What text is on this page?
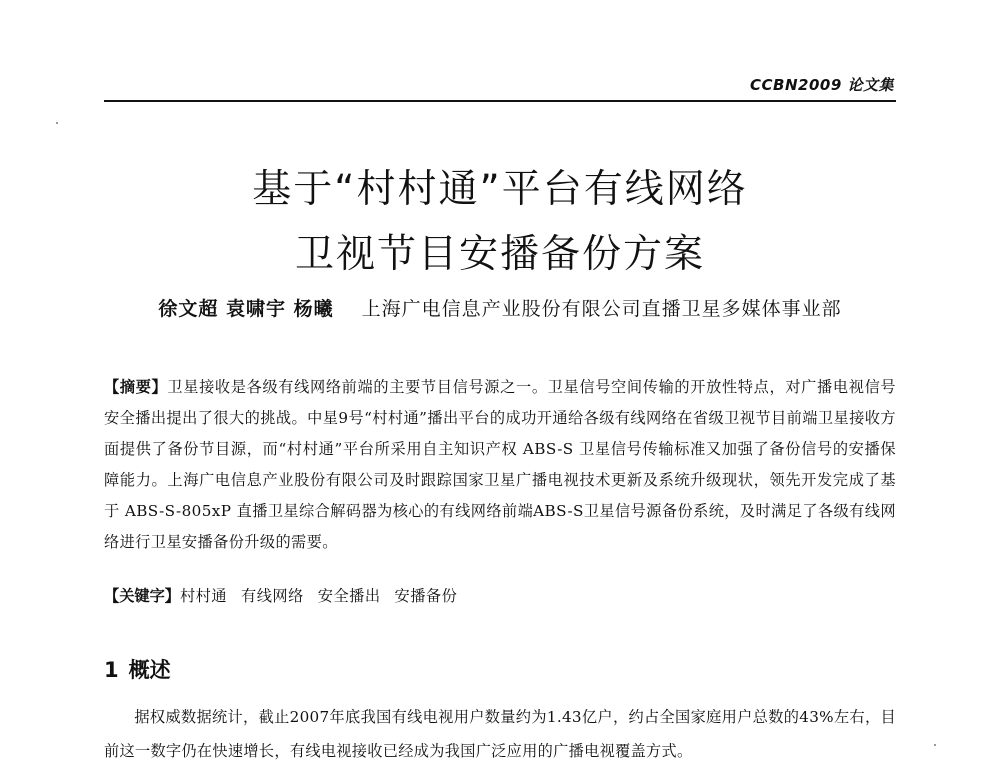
CCBN2009 论文集
基于“村村通”平台有线网络
卫视节目安播备份方案
徐文超 袁啸宇 杨曦 上海广电信息产业股份有限公司直播卫星多媒体事业部
【摘要】卫星接收是各级有线网络前端的主要节目信号源之一。卫星信号空间传输的开放性特点，对广播电视信号安全播出提出了很大的挑战。中星9号“村村通”播出平台的成功开通给各级有线网络在省级卫视节目前端卫星接收方面提供了备份节目源，而“村村通”平台所采用自主知识产权 ABS-S 卫星信号传输标准又加强了备份信号的安播保障能力。上海广电信息产业股份有限公司及时跟踪国家卫星广播电视技术更新及系统升级现状，领先开发完成了基于 ABS-S-805xP 直播卫星综合解码器为核心的有线网络前端ABS-S卫星信号源备份系统，及时满足了各级有线网络进行卫星安播备份升级的需要。
【关键字】村村通 有线网络 安全播出 安播备份
1 概述
据权威数据统计，截止2007年底我国有线电视用户数量约为1.43亿户，约占全国家庭用户总数的43%左右，目前这一数字仍在快速增长，有线电视接收已经成为我国广泛应用的广播电视覆盖方式。
